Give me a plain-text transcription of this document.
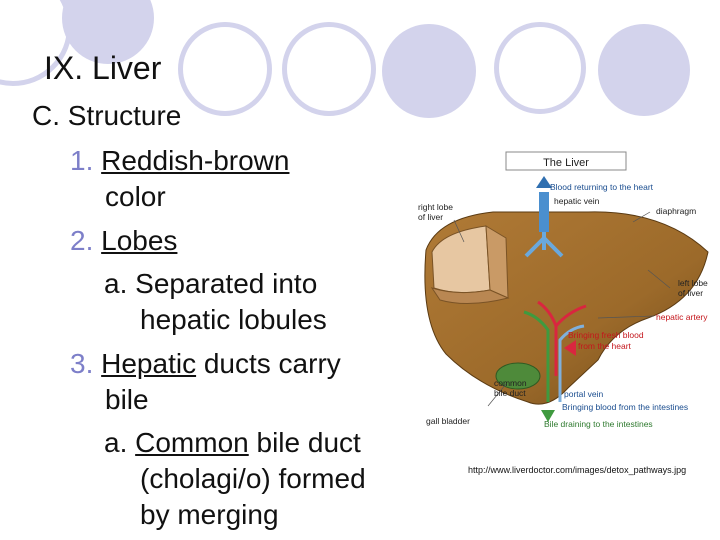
IX. Liver
C. Structure
1. Reddish-brown
color
2. Lobes
a. Separated into
hepatic lobules
3. Hepatic ducts carry
bile
a. Common bile duct
(cholagi/o) formed
by merging
The Liver
Blood returning to the heart
hepatic vein
diaphragm
right lobe
of liver
left lobe
of liver
hepatic artery
Bringing fresh blood
from the heart
common
bile duct	portal vein
Bringing blood from the intestines
gall bladder	Bile draining to the intestines
http://www.liverdoctor.com/images/detox_pathways.jpg
